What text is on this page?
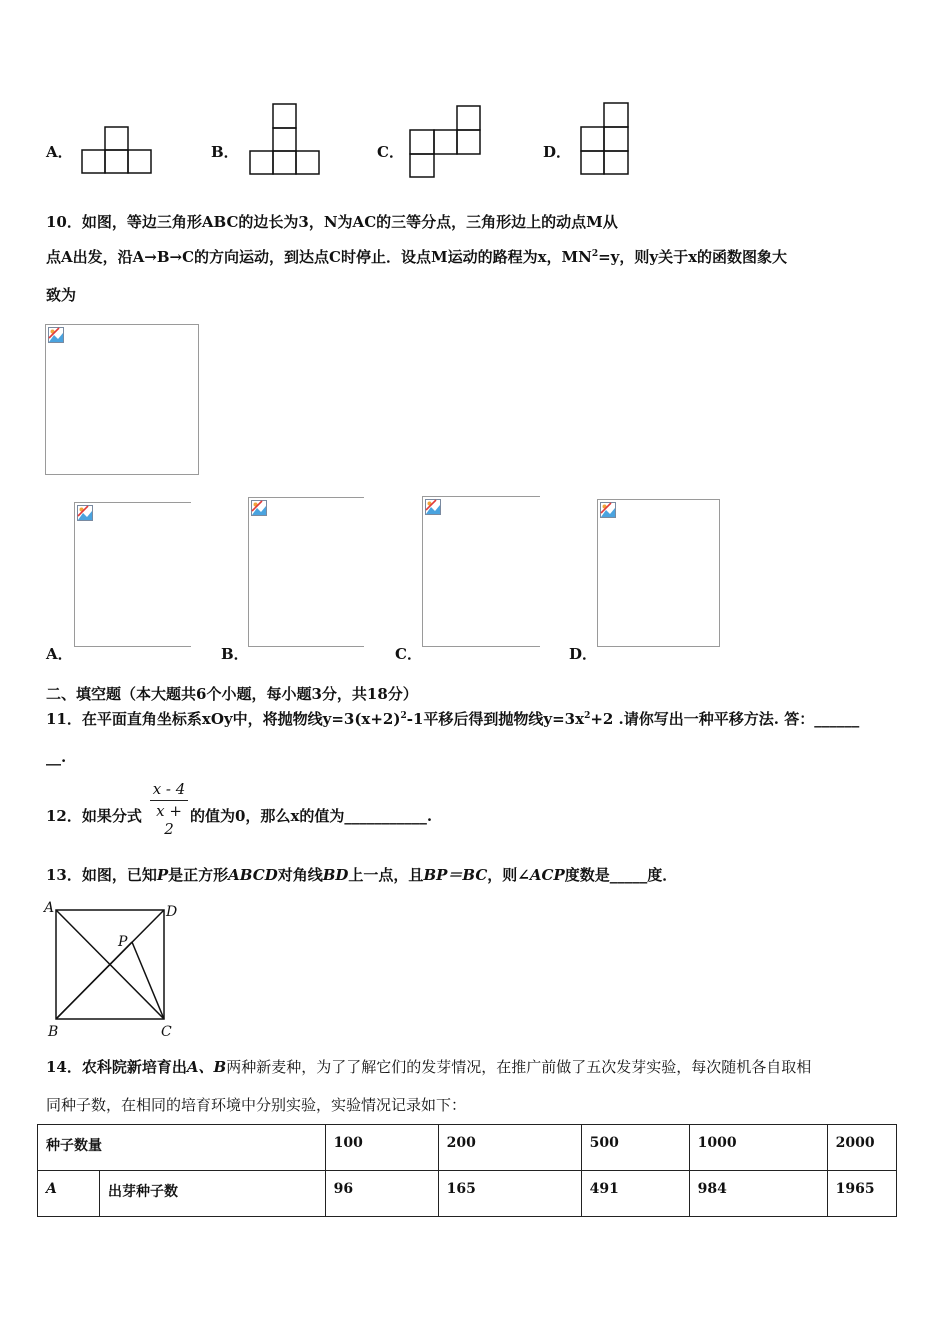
A．	B．	C．	D．
10．如图，等边三角形ABC的边长为3，N为AC的三等分点，三角形边上的动点M从
点A出发，沿A→B→C的方向运动，到达点C时停止．设点M运动的路程为x，$MN^2=y$，则y关于x的函数图象大
致为
A．	B．	C．	D．
二、填空题（本大题共6个小题，每小题3分，共18分）
11．在平面直角坐标系xOy中，将抛物线$y=3(x+2)^2-1$平移后得到抛物线$y=3x^2+2$ .请你写出一种平移方法. 答：______
__.
12．如果分式 $\frac{x - 4}{x + 2}$ 的值为0，那么x的值为___________.
13．如图，已知P是正方形ABCD对角线BD上一点，且BP＝BC，则∠ACP度数是_____度．
A	D
B	C
P
14．农科院新培育出A、B两种新麦种，为了了解它们的发芽情况，在推广前做了五次发芽实验，每次随机各自取相
同种子数，在相同的培育环境中分别实验，实验情况记录如下：
种子数量		100	200	500	1000	2000
A	出芽种子数	96	165	491	984	1965
